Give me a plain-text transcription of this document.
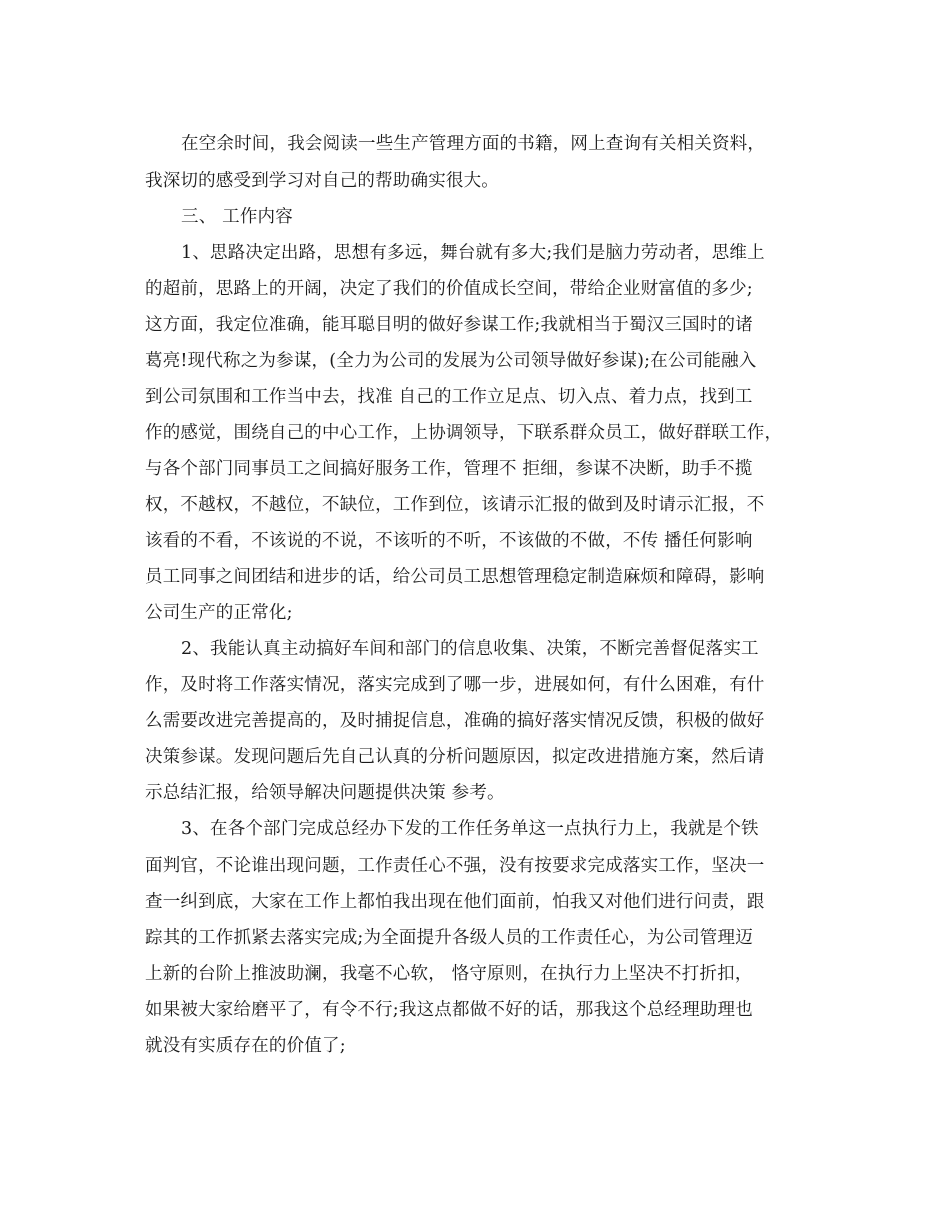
在空余时间，我会阅读一些生产管理方面的书籍，网上查询有关相关资料，
我深切的感受到学习对自己的帮助确实很大。
三、 工作内容
1、思路决定出路，思想有多远，舞台就有多大;我们是脑力劳动者，思维上
的超前，思路上的开阔，决定了我们的价值成长空间，带给企业财富值的多少;
这方面，我定位准确，能耳聪目明的做好参谋工作;我就相当于蜀汉三国时的诸
葛亮!现代称之为参谋，(全力为公司的发展为公司领导做好参谋);在公司能融入
到公司氛围和工作当中去，找准 自己的工作立足点、切入点、着力点，找到工
作的感觉，围绕自己的中心工作，上协调领导，下联系群众员工，做好群联工作，
与各个部门同事员工之间搞好服务工作，管理不 拒细，参谋不决断，助手不揽
权，不越权，不越位，不缺位，工作到位，该请示汇报的做到及时请示汇报，不
该看的不看，不该说的不说，不该听的不听，不该做的不做，不传 播任何影响
员工同事之间团结和进步的话，给公司员工思想管理稳定制造麻烦和障碍，影响
公司生产的正常化;
2、我能认真主动搞好车间和部门的信息收集、决策，不断完善督促落实工
作，及时将工作落实情况，落实完成到了哪一步，进展如何，有什么困难，有什
么需要改进完善提高的，及时捕捉信息，准确的搞好落实情况反馈，积极的做好
决策参谋。发现问题后先自己认真的分析问题原因，拟定改进措施方案，然后请
示总结汇报，给领导解决问题提供决策 参考。
3、在各个部门完成总经办下发的工作任务单这一点执行力上，我就是个铁
面判官，不论谁出现问题，工作责任心不强，没有按要求完成落实工作，坚决一
查一纠到底，大家在工作上都怕我出现在他们面前，怕我又对他们进行问责，跟
踪其的工作抓紧去落实完成;为全面提升各级人员的工作责任心，为公司管理迈
上新的台阶上推波助澜，我毫不心软， 恪守原则，在执行力上坚决不打折扣，
如果被大家给磨平了，有令不行;我这点都做不好的话，那我这个总经理助理也
就没有实质存在的价值了;
